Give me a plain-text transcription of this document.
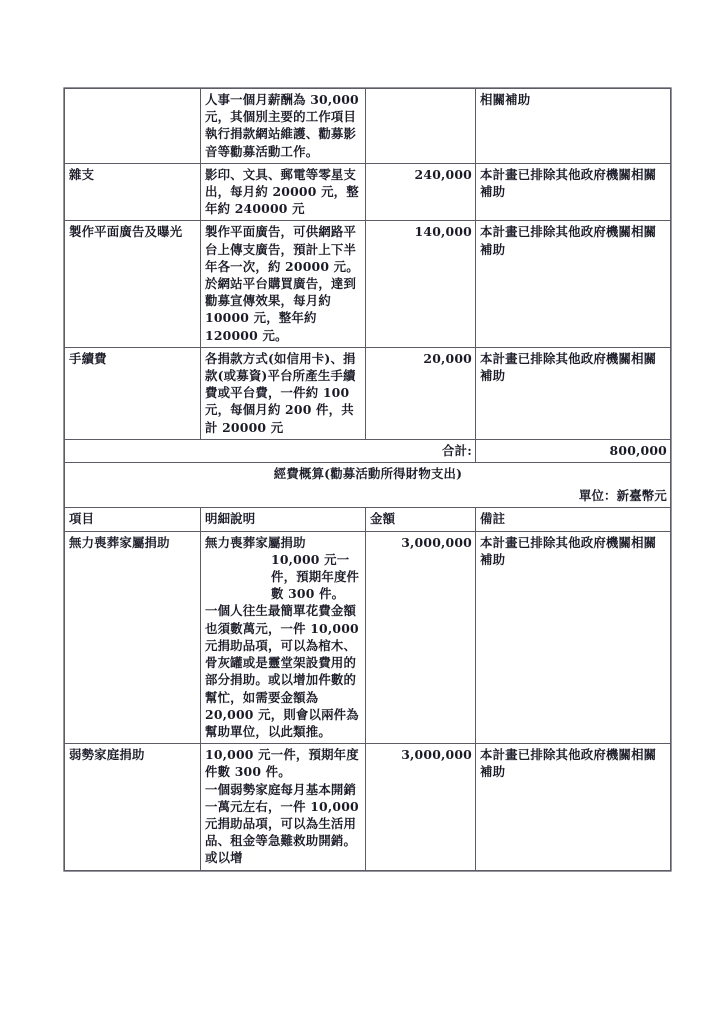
	人事一個月薪酬為 30,000 元，其個別主要的工作項目執行捐款網站維護、勸募影音等勸募活動工作。		相關補助
雜支	影印、文具、郵電等零星支出，每月約 20000 元，整年約 240000 元	240,000	本計畫已排除其他政府機關相關補助
製作平面廣告及曝光	製作平面廣告，可供網路平台上傳支廣告，預計上下半年各一次，約 20000 元。於網站平台購買廣告，達到勸募宣傳效果，每月約 10000 元，整年約 120000 元。	140,000	本計畫已排除其他政府機關相關補助
手續費	各捐款方式(如信用卡)、捐款(或募資)平台所產生手續費或平台費，一件約 100 元，每個月約 200 件，共計 20000 元	20,000	本計畫已排除其他政府機關相關補助
合計:			800,000
經費概算(勸募活動所得財物支出)			
單位：新臺幣元			
項目	明細說明	金額	備註
無力喪葬家屬捐助	無力喪葬家屬捐助
10,000 元一件，預期年度件數 300 件。
一個人往生最簡單花費金額也須數萬元，一件 10,000 元捐助品項，可以為棺木、骨灰罐或是靈堂架設費用的部分捐助。或以增加件數的幫忙，如需要金額為 20,000 元，則會以兩件為幫助單位，以此類推。	3,000,000	本計畫已排除其他政府機關相關補助
弱勢家庭捐助	10,000 元一件，預期年度件數 300 件。
一個弱勢家庭每月基本開銷一萬元左右，一件 10,000 元捐助品項，可以為生活用品、租金等急難救助開銷。或以增	3,000,000	本計畫已排除其他政府機關相關補助
